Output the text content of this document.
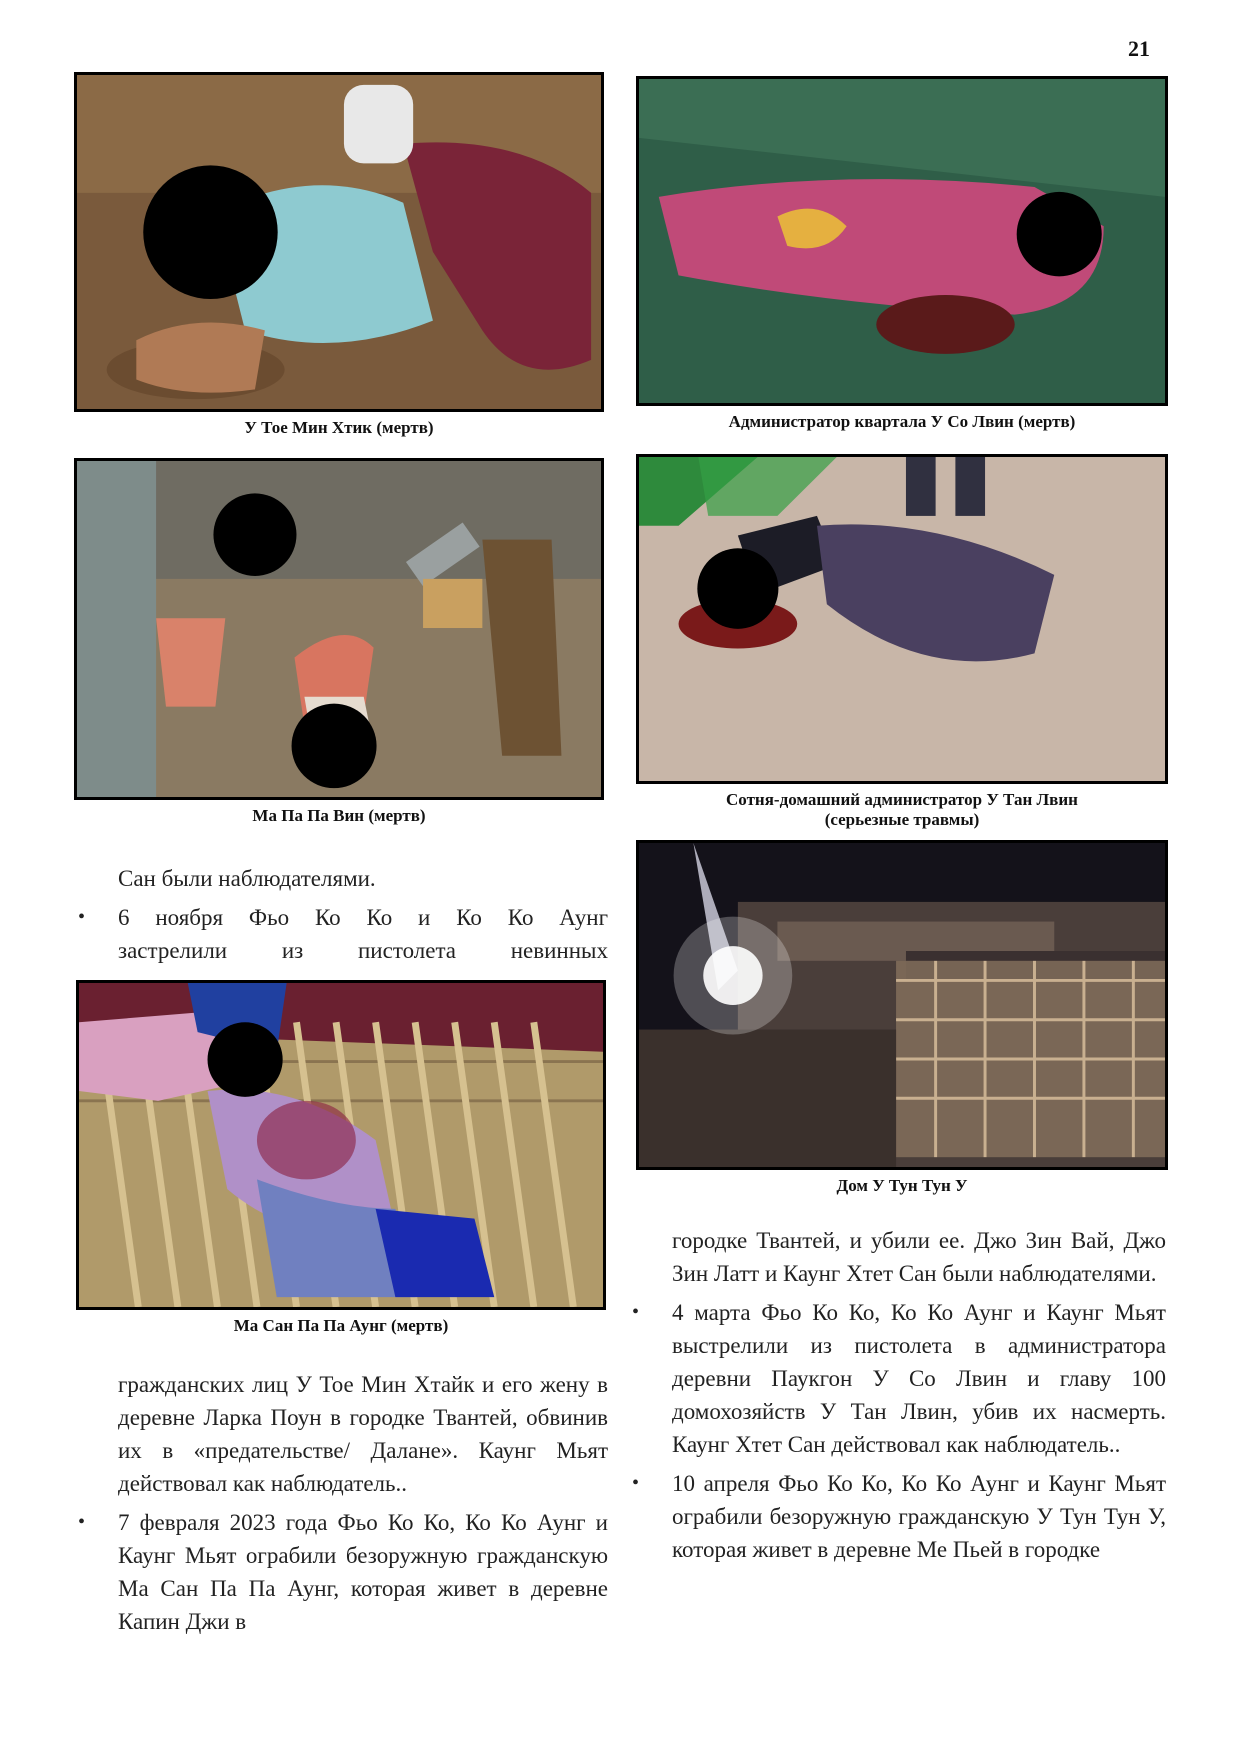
21
У Тое Мин Хтик (мертв)	Администратор квартала У Со Лвин (мертв)
Ма Па Па Вин (мертв)
Сотня-домашний администратор У Тан Лвин
(серьезные травмы)
Дом У Тун Тун У
Ма Сан Па Па Аунг (мертв)

Сан были наблюдателями.

• 6 ноября Фьо Ко Ко и Ко Ко Аунг

застрелили из пистолета невинных

гражданских лиц У Тое Мин Хтайк и его жену в деревне Ларка Поун в городке Твантей, обвинив их в «предательстве/ Далане». Каунг Мьят действовал как наблюдатель..

• 7 февраля 2023 года Фьо Ко Ко, Ко Ко Аунг и Каунг Мьят ограбили безоружную гражданскую Ма Сан Па Па Аунг, которая живет в деревне Капин Джи в

городке Твантей, и убили ее. Джо Зин Вай, Джо Зин Латт и Каунг Хтет Сан были наблюдателями.

• 4 марта Фьо Ко Ко, Ко Ко Аунг и Каунг Мьят выстрелили из пистолета в администратора деревни Паукгон У Со Лвин и главу 100 домохозяйств У Тан Лвин, убив их насмерть. Каунг Хтет Сан действовал как наблюдатель..

• 10 апреля Фьо Ко Ко, Ко Ко Аунг и Каунг Мьят ограбили безоружную гражданскую У Тун Тун У, которая живет в деревне Ме Пьей в городке
